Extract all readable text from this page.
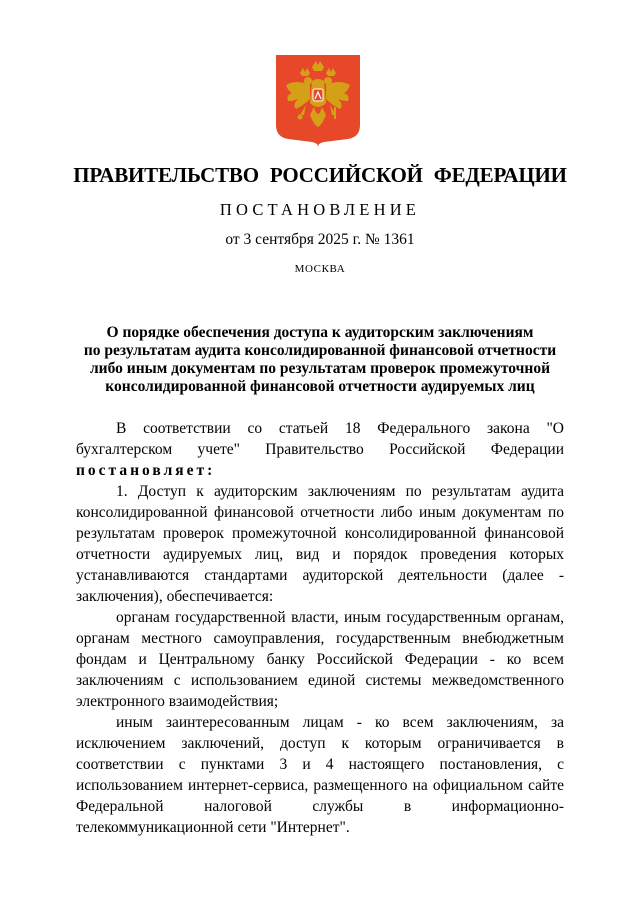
ПРАВИТЕЛЬСТВО РОССИЙСКОЙ ФЕДЕРАЦИИ
ПОСТАНОВЛЕНИЕ
от 3 сентября 2025 г. № 1361
МОСКВА
О порядке обеспечения доступа к аудиторским заключениям
по результатам аудита консолидированной финансовой отчетности
либо иным документам по результатам проверок промежуточной
консолидированной финансовой отчетности аудируемых лиц

В соответствии со статьей 18 Федерального закона "О бухгалтерском учете" Правительство Российской Федерации постановляет:

1. Доступ к аудиторским заключениям по результатам аудита консолидированной финансовой отчетности либо иным документам по результатам проверок промежуточной консолидированной финансовой отчетности аудируемых лиц, вид и порядок проведения которых устанавливаются стандартами аудиторской деятельности (далее - заключения), обеспечивается:

органам государственной власти, иным государственным органам, органам местного самоуправления, государственным внебюджетным фондам и Центральному банку Российской Федерации - ко всем заключениям с использованием единой системы межведомственного электронного взаимодействия;

иным заинтересованным лицам - ко всем заключениям, за исключением заключений, доступ к которым ограничивается в соответствии с пунктами 3 и 4 настоящего постановления, с использованием интернет-сервиса, размещенного на официальном сайте Федеральной налоговой службы в информационно-телекоммуникационной сети "Интернет".
